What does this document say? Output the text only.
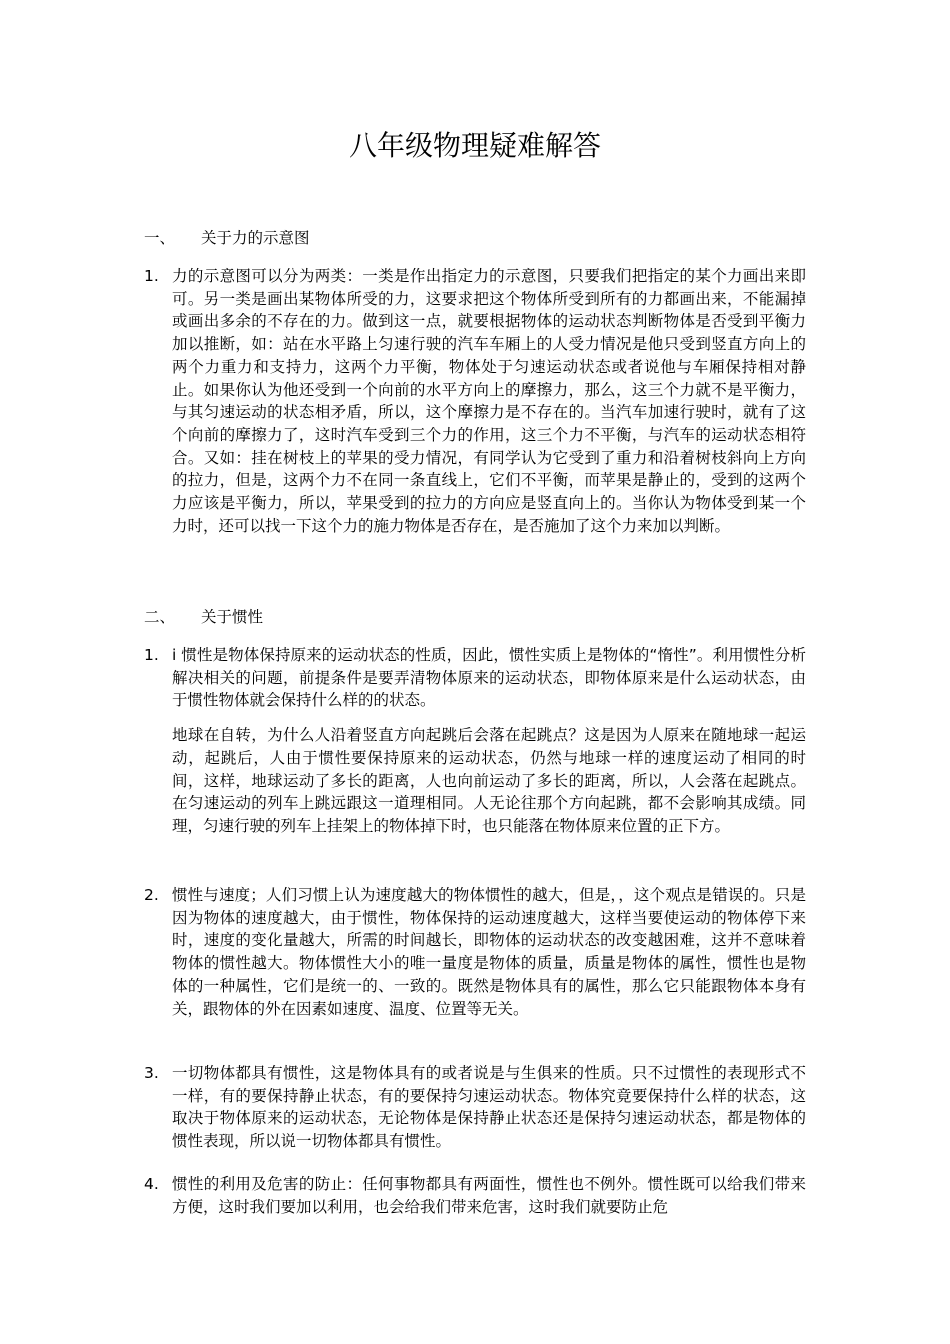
八年级物理疑难解答
一、 关于力的示意图
1. 力的示意图可以分为两类：一类是作出指定力的示意图，只要我们把指定的某个力画出来即可。另一类是画出某物体所受的力，这要求把这个物体所受到所有的力都画出来，不能漏掉或画出多余的不存在的力。做到这一点，就要根据物体的运动状态判断物体是否受到平衡力加以推断，如：站在水平路上匀速行驶的汽车车厢上的人受力情况是他只受到竖直方向上的两个力重力和支持力，这两个力平衡，物体处于匀速运动状态或者说他与车厢保持相对静止。如果你认为他还受到一个向前的水平方向上的摩擦力，那么，这三个力就不是平衡力，与其匀速运动的状态相矛盾，所以，这个摩擦力是不存在的。当汽车加速行驶时，就有了这个向前的摩擦力了，这时汽车受到三个力的作用，这三个力不平衡，与汽车的运动状态相符合。又如：挂在树枝上的苹果的受力情况，有同学认为它受到了重力和沿着树枝斜向上方向的拉力，但是，这两个力不在同一条直线上，它们不平衡，而苹果是静止的，受到的这两个力应该是平衡力，所以，苹果受到的拉力的方向应是竖直向上的。当你认为物体受到某一个力时，还可以找一下这个力的施力物体是否存在，是否施加了这个力来加以判断。
二、 关于惯性
1. i 惯性是物体保持原来的运动状态的性质，因此，惯性实质上是物体的“惰性”。利用惯性分析解决相关的问题，前提条件是要弄清物体原来的运动状态，即物体原来是什么运动状态，由于惯性物体就会保持什么样的的状态。
地球在自转，为什么人沿着竖直方向起跳后会落在起跳点？这是因为人原来在随地球一起运动，起跳后，人由于惯性要保持原来的运动状态，仍然与地球一样的速度运动了相同的时间，这样，地球运动了多长的距离，人也向前运动了多长的距离，所以，人会落在起跳点。在匀速运动的列车上跳远跟这一道理相同。人无论往那个方向起跳，都不会影响其成绩。同理，匀速行驶的列车上挂架上的物体掉下时，也只能落在物体原来位置的正下方。
2. 惯性与速度；人们习惯上认为速度越大的物体惯性的越大，但是，，这个观点是错误的。只是因为物体的速度越大，由于惯性，物体保持的运动速度越大，这样当要使运动的物体停下来时，速度的变化量越大，所需的时间越长，即物体的运动状态的改变越困难，这并不意味着物体的惯性越大。物体惯性大小的唯一量度是物体的质量，质量是物体的属性，惯性也是物体的一种属性，它们是统一的、一致的。既然是物体具有的属性，那么它只能跟物体本身有关，跟物体的外在因素如速度、温度、位置等无关。
3. 一切物体都具有惯性，这是物体具有的或者说是与生俱来的性质。只不过惯性的表现形式不一样，有的要保持静止状态，有的要保持匀速运动状态。物体究竟要保持什么样的状态，这取决于物体原来的运动状态，无论物体是保持静止状态还是保持匀速运动状态，都是物体的惯性表现，所以说一切物体都具有惯性。
4. 惯性的利用及危害的防止：任何事物都具有两面性，惯性也不例外。惯性既可以给我们带来方便，这时我们要加以利用，也会给我们带来危害，这时我们就要防止危
